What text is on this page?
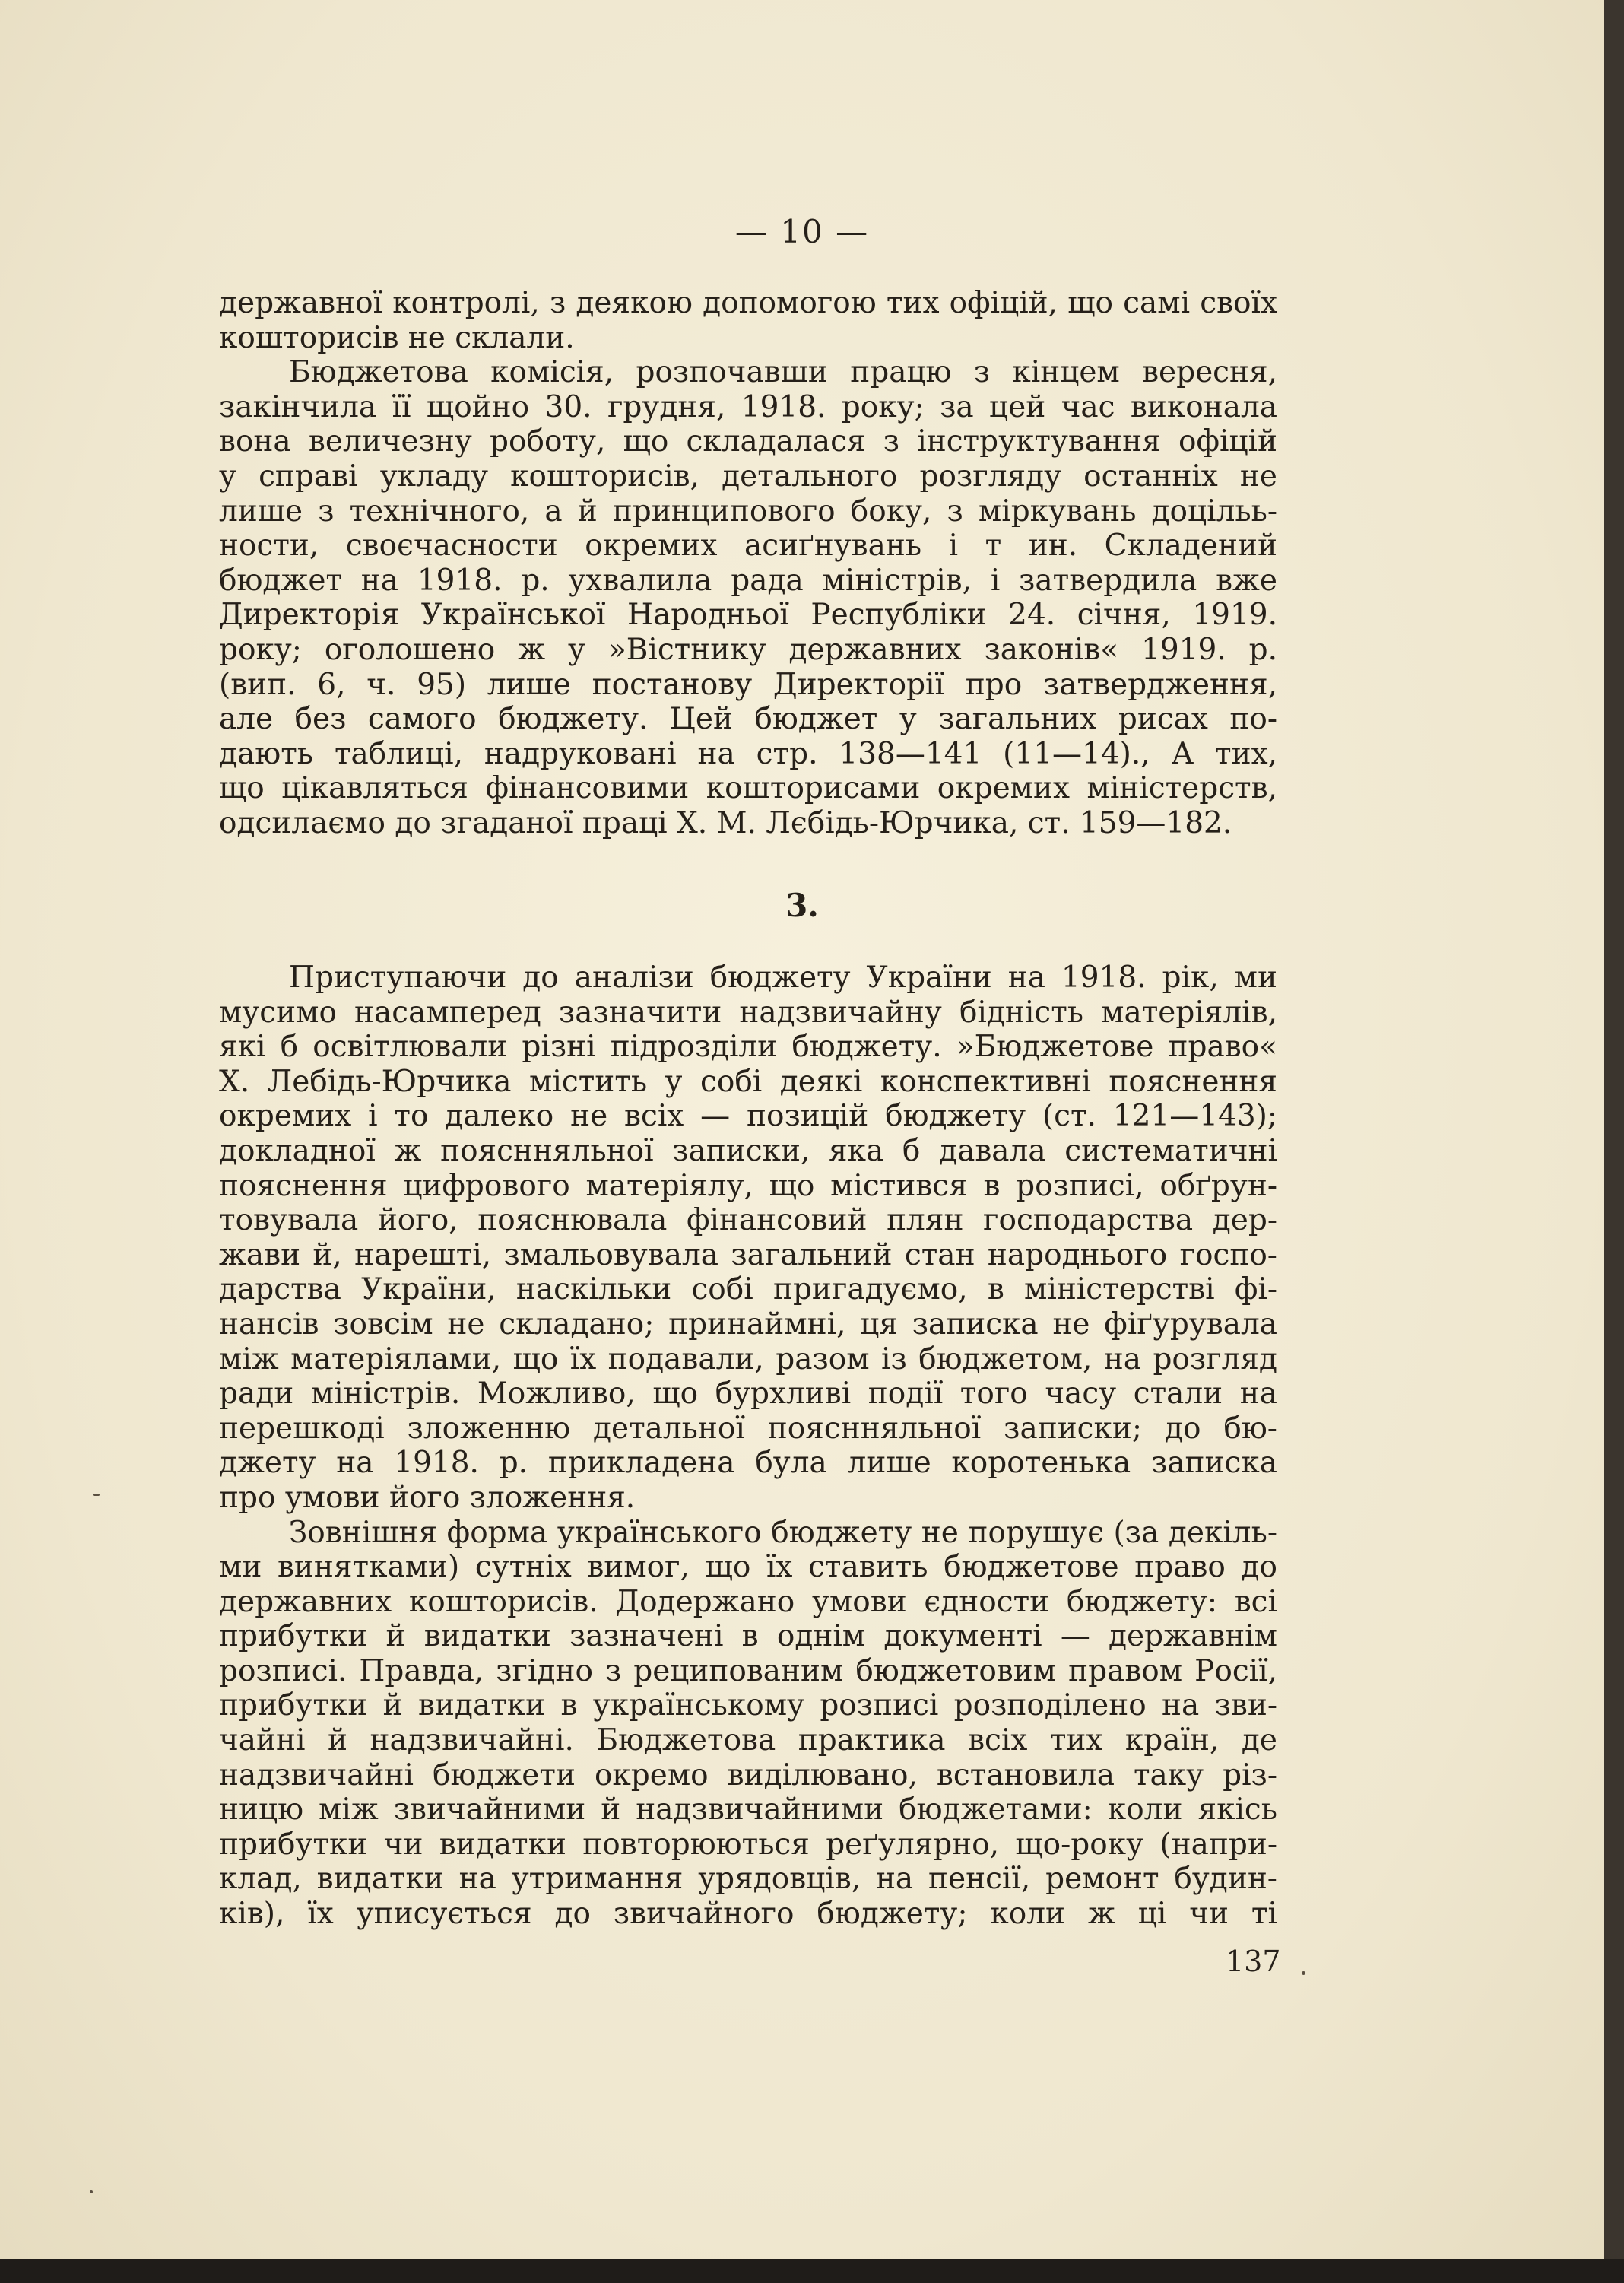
— 10 —
державної контролі, з деякою допомогою тих офіцій, що самі своїх
кошторисів не склали.
Бюджетова комісія, розпочавши працю з кінцем вересня,
закінчила її щойно 30. грудня, 1918. року; за цей час виконала
вона величезну роботу, що складалася з інструктування офіцій
у справі укладу кошторисів, детального розгляду останніх не
лише з технічного, а й принципового боку, з міркувань доцільь-
ности, своєчасности окремих асиґнувань і т ин. Складений
бюджет на 1918. р. ухвалила рада міністрів, і затвердила вже
Директорія Української Народньої Республіки 24. січня, 1919.
року; оголошено ж у »Вістнику державних законів« 1919. р.
(вип. 6, ч. 95) лише постанову Директорії про затвердження,
але без самого бюджету. Цей бюджет у загальних рисах по-
дають таблиці, надруковані на стр. 138—141 (11—14)., А тих,
що цікавляться фінансовими кошторисами окремих міністерств,
одсилаємо до згаданої праці Х. М. Лєбідь-Юрчика, ст. 159—182.
3.
Приступаючи до аналізи бюджету України на 1918. рік, ми
мусимо насамперед зазначити надзвичайну бідність матеріялів,
які б освітлювали різні підрозділи бюджету. »Бюджетове право«
Х. Лебідь-Юрчика містить у собі деякі конспективні пояснення
окремих і то далеко не всіх — позицій бюджету (ст. 121—143);
докладної ж пояснняльної записки, яка б давала систематичні
пояснення цифрового матеріялу, що містився в розписі, обґрун-
товувала його, пояснювала фінансовий плян господарства дер-
жави й, нарешті, змальовувала загальний стан народнього госпо-
дарства України, наскільки собі пригадуємо, в міністерстві фі-
нансів зовсім не складано; принаймні, ця записка не фіґурувала
між матеріялами, що їх подавали, разом із бюджетом, на розгляд
ради міністрів. Можливо, що бурхливі події того часу стали на
перешкоді зложенню детальної пояснняльної записки; до бю-
джету на 1918. р. прикладена була лише коротенька записка
про умови його зложення.
Зовнішня форма українського бюджету не порушує (за декіль-
ми винятками) сутніх вимог, що їх ставить бюджетове право до
державних кошторисів. Додержано умови єдности бюджету: всі
прибутки й видатки зазначені в однім документі — державнім
розписі. Правда, згідно з реципованим бюджетовим правом Росії,
прибутки й видатки в українському розписі розподілено на зви-
чайні й надзвичайні. Бюджетова практика всіх тих країн, де
надзвичайні бюджети окремо виділювано, встановила таку різ-
ницю між звичайними й надзвичайними бюджетами: коли якісь
прибутки чи видатки повторюються реґулярно, що-року (напри-
клад, видатки на утримання урядовців, на пенсії, ремонт будин-
ків), їх уписується до звичайного бюджету; коли ж ці чи ті
137
